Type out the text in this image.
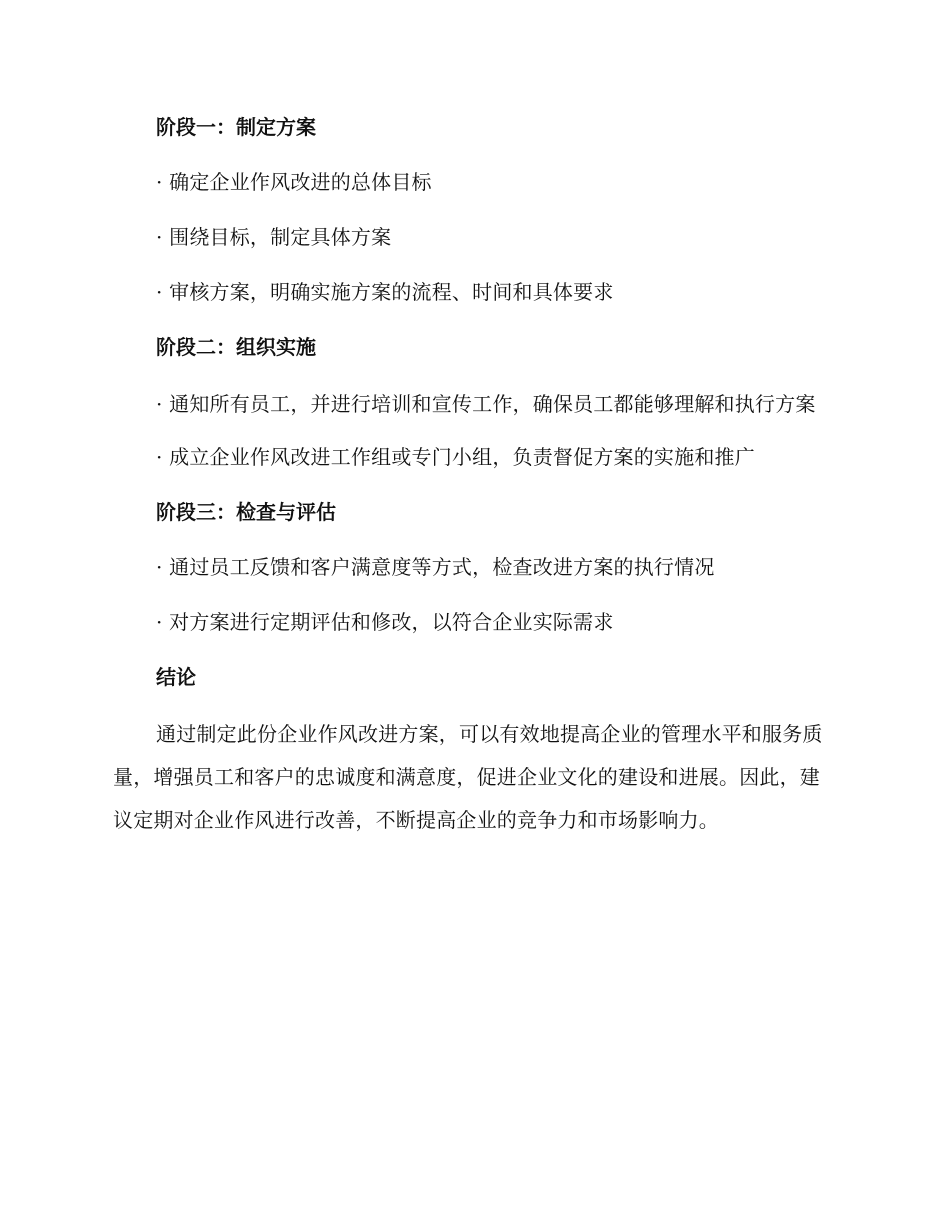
阶段一：制定方案
· 确定企业作风改进的总体目标
· 围绕目标，制定具体方案
· 审核方案，明确实施方案的流程、时间和具体要求
阶段二：组织实施
· 通知所有员工，并进行培训和宣传工作，确保员工都能够理解和执行方案
· 成立企业作风改进工作组或专门小组，负责督促方案的实施和推广
阶段三：检查与评估
· 通过员工反馈和客户满意度等方式，检查改进方案的执行情况
· 对方案进行定期评估和修改，以符合企业实际需求
结论
通过制定此份企业作风改进方案，可以有效地提高企业的管理水平和服务质量，增强员工和客户的忠诚度和满意度，促进企业文化的建设和进展。因此，建议定期对企业作风进行改善，不断提高企业的竞争力和市场影响力。
